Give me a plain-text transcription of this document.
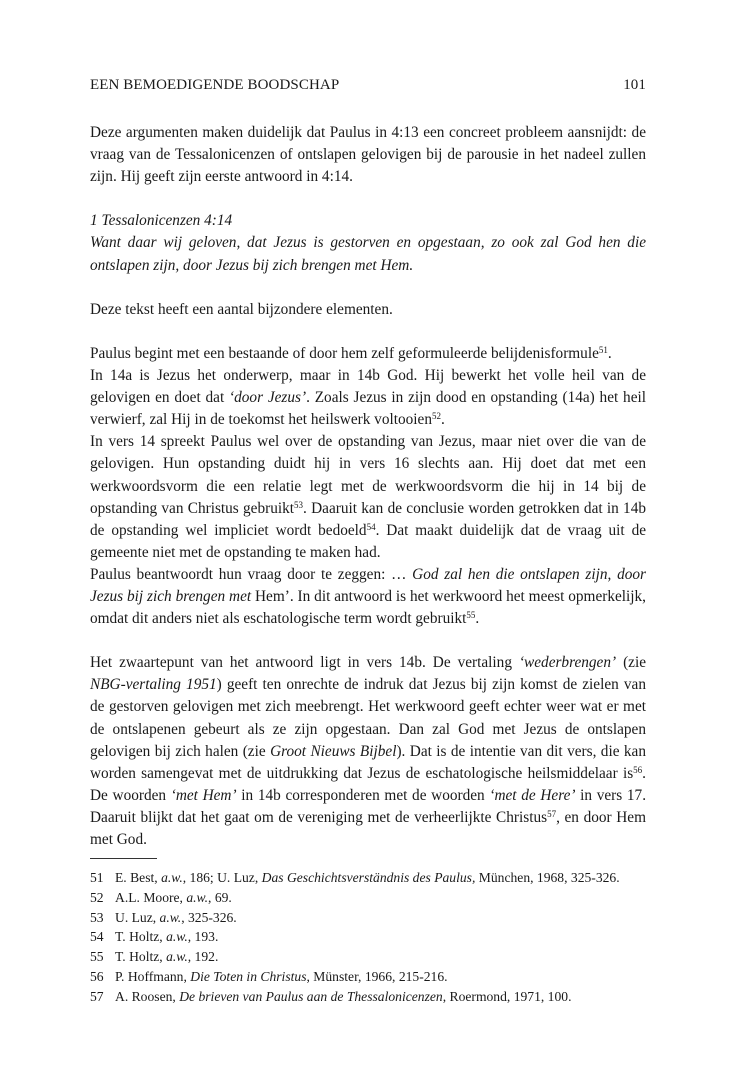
EEN BEMOEDIGENDE BOODSCHAP	101

Deze argumenten maken duidelijk dat Paulus in 4:13 een concreet probleem aansnijdt: de vraag van de Tessalonicenzen of ontslapen gelovigen bij de parousie in het nadeel zullen zijn. Hij geeft zijn eerste antwoord in 4:14.

1 Tessalonicenzen 4:14

Want daar wij geloven, dat Jezus is gestorven en opgestaan, zo ook zal God hen die ontslapen zijn, door Jezus bij zich brengen met Hem.

Deze tekst heeft een aantal bijzondere elementen.

Paulus begint met een bestaande of door hem zelf geformuleerde belijdenisformule$^{51}$.

In 14a is Jezus het onderwerp, maar in 14b God. Hij bewerkt het volle heil van de gelovigen en doet dat ‘door Jezus’. Zoals Jezus in zijn dood en opstanding (14a) het heil verwierf, zal Hij in de toekomst het heilswerk voltooien$^{52}$.

In vers 14 spreekt Paulus wel over de opstanding van Jezus, maar niet over die van de gelovigen. Hun opstanding duidt hij in vers 16 slechts aan. Hij doet dat met een werkwoordsvorm die een relatie legt met de werkwoordsvorm die hij in 14 bij de opstanding van Christus gebruikt$^{53}$. Daaruit kan de conclusie worden getrokken dat in 14b de opstanding wel impliciet wordt bedoeld$^{54}$. Dat maakt duidelijk dat de vraag uit de gemeente niet met de opstanding te maken had.

Paulus beantwoordt hun vraag door te zeggen: … God zal hen die ontslapen zijn, door Jezus bij zich brengen met Hem’. In dit antwoord is het werkwoord het meest opmerkelijk, omdat dit anders niet als eschatologische term wordt gebruikt$^{55}$.

Het zwaartepunt van het antwoord ligt in vers 14b. De vertaling ‘wederbrengen’ (zie NBG-vertaling 1951) geeft ten onrechte de indruk dat Jezus bij zijn komst de zielen van de gestorven gelovigen met zich meebrengt. Het werkwoord geeft echter weer wat er met de ontslapenen gebeurt als ze zijn opgestaan. Dan zal God met Jezus de ontslapen gelovigen bij zich halen (zie Groot Nieuws Bijbel). Dat is de intentie van dit vers, die kan worden samengevat met de uitdrukking dat Jezus de eschatologische heilsmiddelaar $is^{56}$. De woorden ‘met Hem’ in 14b corresponderen met de woorden ‘met de Here’ in vers 17. Daaruit blijkt dat het gaat om de vereniging met de verheerlijkte Christus$^{57}$, en door Hem met God.

51 E. Best, a.w., 186; U. Luz, Das Geschichtsverständnis des Paulus, München, 1968, 325-326.
52 A.L. Moore, a.w., 69.
53 U. Luz, a.w., 325-326.
54 T. Holtz, a.w., 193.
55 T. Holtz, a.w., 192.
56 P. Hoffmann, Die Toten in Christus, Münster, 1966, 215-216.
57 A. Roosen, De brieven van Paulus aan de Thessalonicenzen, Roermond, 1971, 100.
